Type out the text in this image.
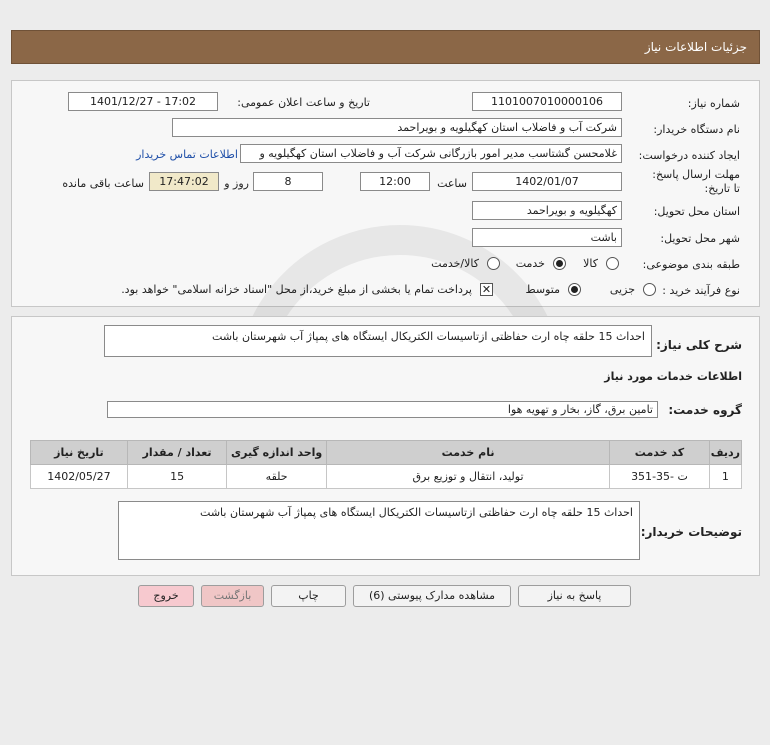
جزئیات اطلاعات نیاز
شماره نیاز:
1101007010000106
تاریخ و ساعت اعلان عمومی:
1401/12/27 - 17:02
نام دستگاه خریدار:
شرکت آب و فاضلاب استان کهگیلویه و بویراحمد
ایجاد کننده درخواست:
غلامحسن گشتاسب مدیر امور بازرگانی شرکت آب و فاضلاب استان کهگیلویه و
اطلاعات تماس خریدار
مهلت ارسال پاسخ: تا تاریخ:
1402/01/07
ساعت
12:00
8
روز و
17:47:02
ساعت باقی مانده
استان محل تحویل:
کهگیلویه و بویراحمد
شهر محل تحویل:
باشت
طبقه بندی موضوعی:
کالا
خدمت
کالا/خدمت
نوع فرآیند خرید :
جزیی
متوسط
✕
پرداخت تمام یا بخشی از مبلغ خرید،از محل "اسناد خزانه اسلامی" خواهد بود.
شرح کلی نیاز:
احداث 15 حلقه چاه ارت حفاظتی ازتاسیسات الکتریکال ایستگاه های پمپاژ آب شهرستان باشت
اطلاعات خدمات مورد نیاز
گروه خدمت:
تامین برق، گاز، بخار و تهویه هوا
ردیف	کد خدمت	نام خدمت	واحد اندازه گیری	تعداد / مقدار	تاریخ نیاز
1	ت -35-351	تولید، انتقال و توزیع برق	حلقه	15	1402/05/27
توضیحات خریدار:
احداث 15 حلقه چاه ارت حفاظتی ازتاسیسات الکتریکال ایستگاه های پمپاژ آب شهرستان باشت
پاسخ به نیاز
مشاهده مدارک پیوستی (6)
چاپ
بازگشت
خروج
